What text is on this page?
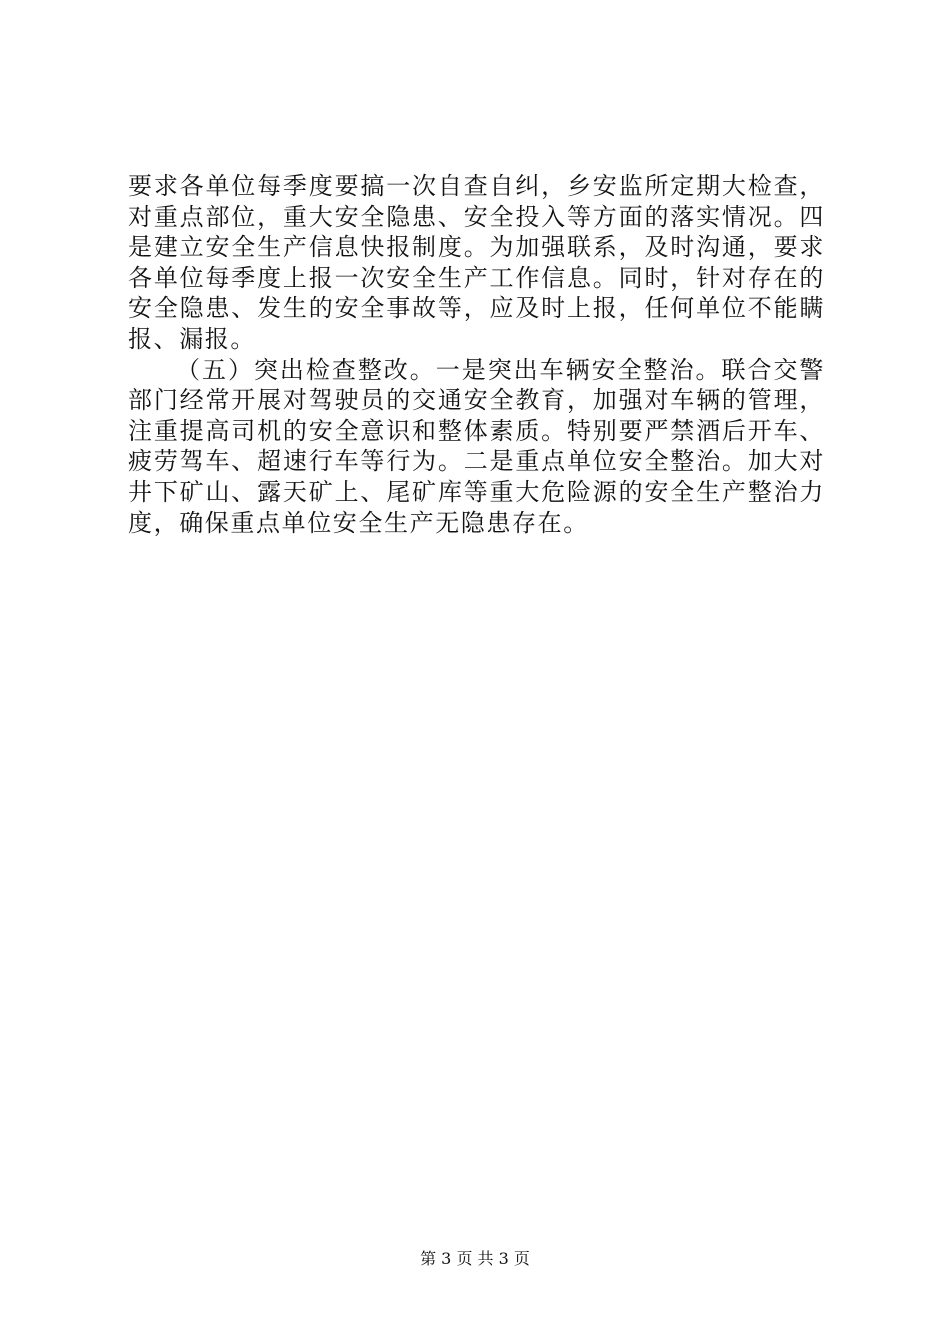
要求各单位每季度要搞一次自查自纠，乡安监所定期大检查，对重点部位，重大安全隐患、安全投入等方面的落实情况。四是建立安全生产信息快报制度。为加强联系，及时沟通，要求各单位每季度上报一次安全生产工作信息。同时，针对存在的安全隐患、发生的安全事故等，应及时上报，任何单位不能瞒报、漏报。

（五）突出检查整改。一是突出车辆安全整治。联合交警部门经常开展对驾驶员的交通安全教育，加强对车辆的管理，注重提高司机的安全意识和整体素质。特别要严禁酒后开车、疲劳驾车、超速行车等行为。二是重点单位安全整治。加大对井下矿山、露天矿上、尾矿库等重大危险源的安全生产整治力度，确保重点单位安全生产无隐患存在。

第 3 页 共 3 页
